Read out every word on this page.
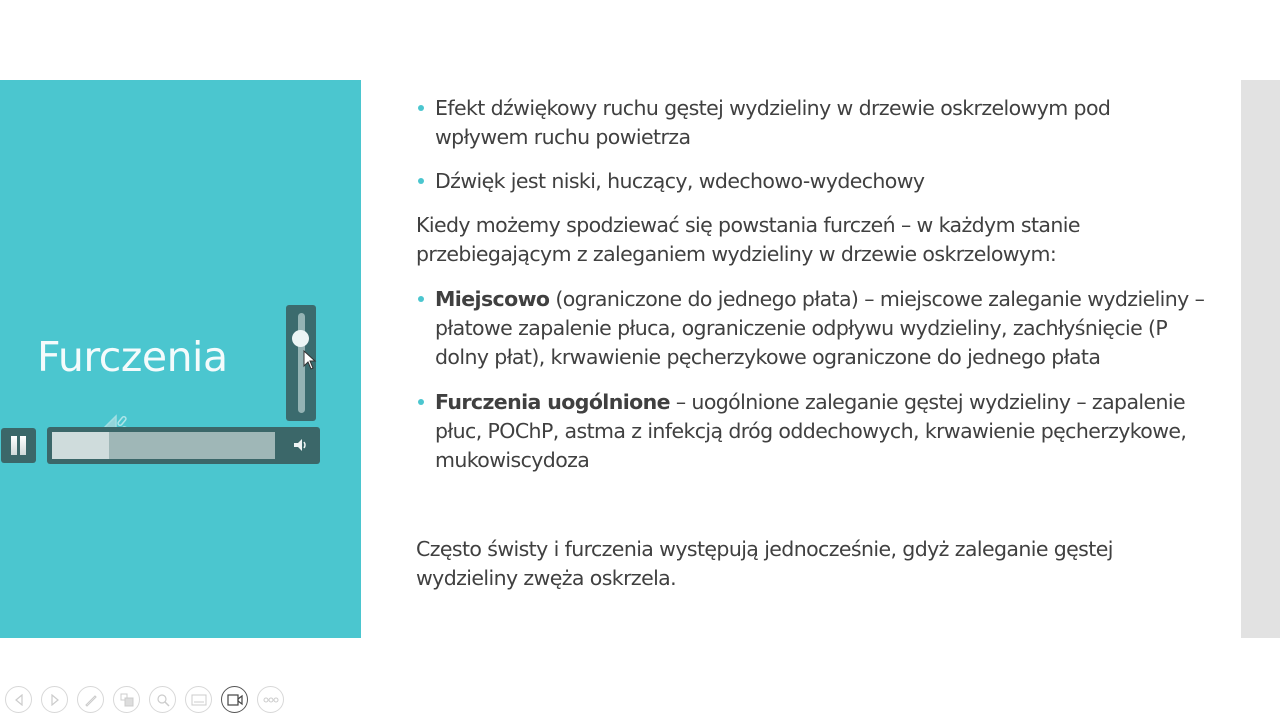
Furczenia
Efekt dźwiękowy ruchu gęstej wydzieliny w drzewie oskrzelowym pod wpływem ruchu powietrza
Dźwięk jest niski, huczący, wdechowo-wydechowy

Kiedy możemy spodziewać się powstania furczeń – w każdym stanie przebiegającym z zaleganiem wydzieliny w drzewie oskrzelowym:

Miejscowo (ograniczone do jednego płata) – miejscowe zaleganie wydzieliny – płatowe zapalenie płuca, ograniczenie odpływu wydzieliny, zachłyśnięcie (P dolny płat), krwawienie pęcherzykowe ograniczone do jednego płata
Furczenia uogólnione – uogólnione zaleganie gęstej wydzieliny – zapalenie płuc, POChP, astma z infekcją dróg oddechowych, krwawienie pęcherzykowe, mukowiscydoza

Często świsty i furczenia występują jednocześnie, gdyż zaleganie gęstej wydzieliny zwęża oskrzela.
